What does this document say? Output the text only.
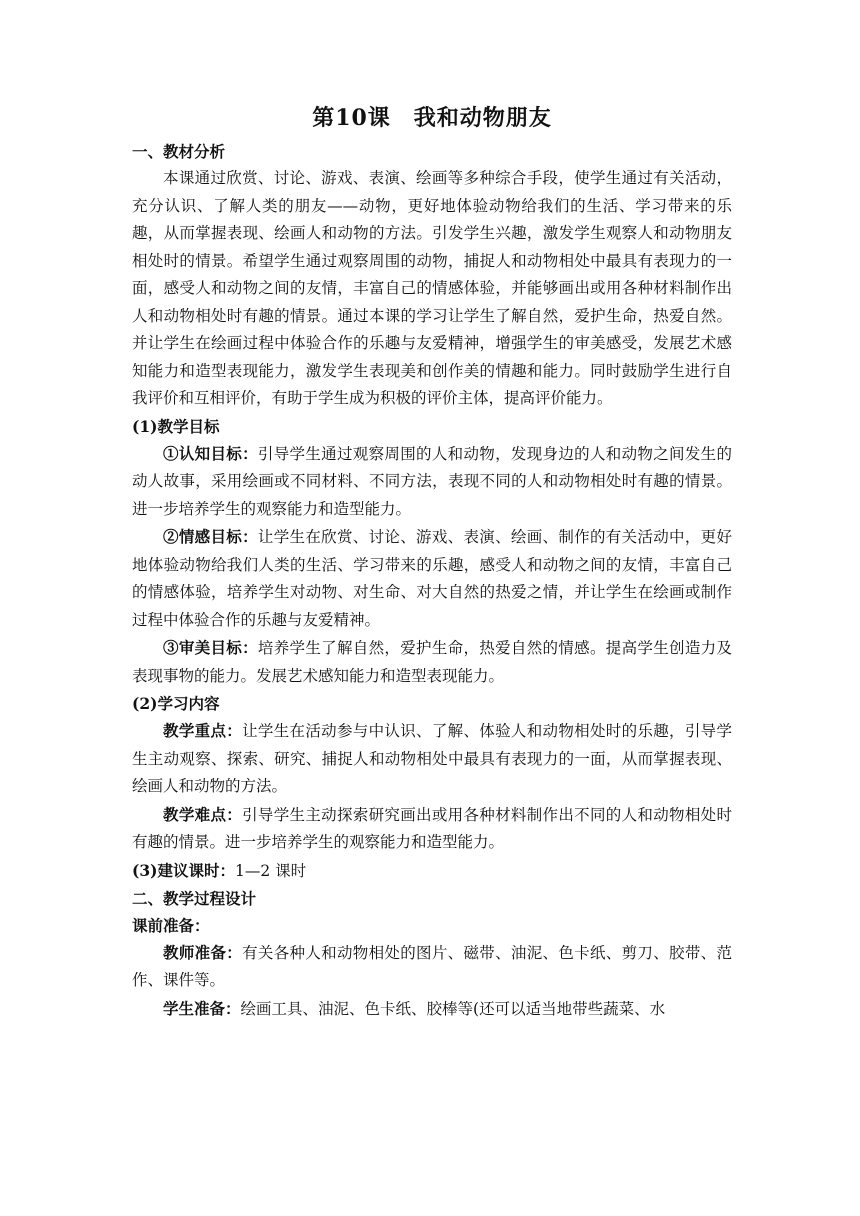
第10课　我和动物朋友
一、教材分析

本课通过欣赏、讨论、游戏、表演、绘画等多种综合手段，使学生通过有关活动，充分认识、了解人类的朋友——动物，更好地体验动物给我们的生活、学习带来的乐趣，从而掌握表现、绘画人和动物的方法。引发学生兴趣，激发学生观察人和动物朋友相处时的情景。希望学生通过观察周围的动物，捕捉人和动物相处中最具有表现力的一面，感受人和动物之间的友情，丰富自己的情感体验，并能够画出或用各种材料制作出人和动物相处时有趣的情景。通过本课的学习让学生了解自然，爱护生命，热爱自然。并让学生在绘画过程中体验合作的乐趣与友爱精神，增强学生的审美感受，发展艺术感知能力和造型表现能力，激发学生表现美和创作美的情趣和能力。同时鼓励学生进行自我评价和互相评价，有助于学生成为积极的评价主体，提高评价能力。

(1)教学目标

①认知目标：引导学生通过观察周围的人和动物，发现身边的人和动物之间发生的动人故事，采用绘画或不同材料、不同方法，表现不同的人和动物相处时有趣的情景。进一步培养学生的观察能力和造型能力。

②情感目标：让学生在欣赏、讨论、游戏、表演、绘画、制作的有关活动中，更好地体验动物给我们人类的生活、学习带来的乐趣，感受人和动物之间的友情，丰富自己的情感体验，培养学生对动物、对生命、对大自然的热爱之情，并让学生在绘画或制作过程中体验合作的乐趣与友爱精神。

③审美目标：培养学生了解自然，爱护生命，热爱自然的情感。提高学生创造力及表现事物的能力。发展艺术感知能力和造型表现能力。

(2)学习内容

教学重点：让学生在活动参与中认识、了解、体验人和动物相处时的乐趣，引导学生主动观察、探索、研究、捕捉人和动物相处中最具有表现力的一面，从而掌握表现、绘画人和动物的方法。

教学难点：引导学生主动探索研究画出或用各种材料制作出不同的人和动物相处时有趣的情景。进一步培养学生的观察能力和造型能力。

(3)建议课时：1—2 课时
二、教学过程设计
课前准备：

教师准备：有关各种人和动物相处的图片、磁带、油泥、色卡纸、剪刀、胶带、范作、课件等。

学生准备：绘画工具、油泥、色卡纸、胶棒等(还可以适当地带些蔬菜、水
